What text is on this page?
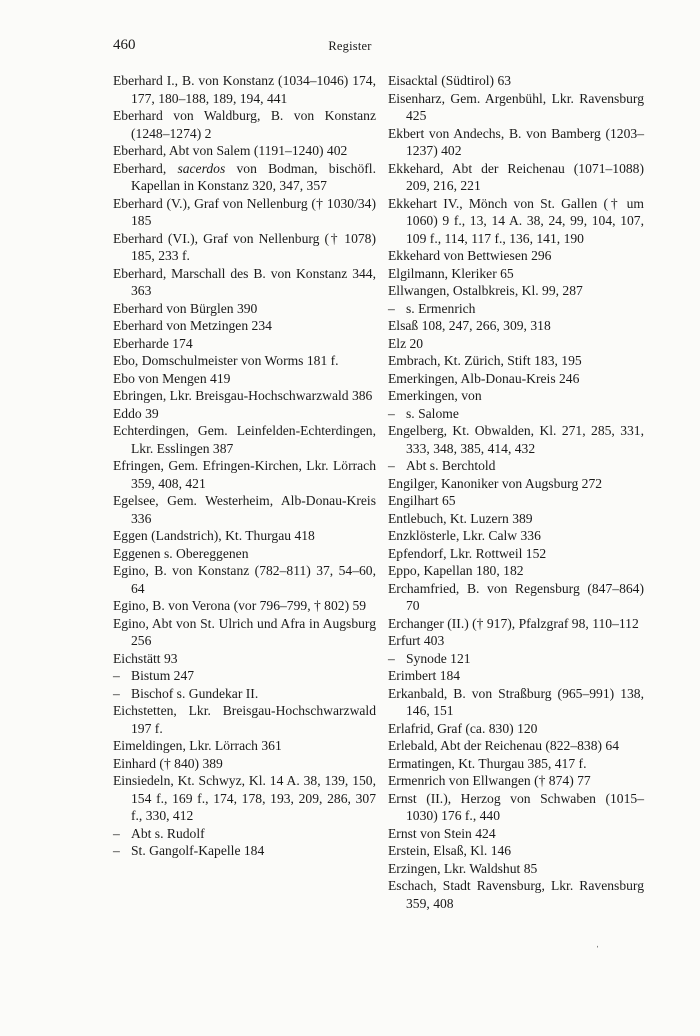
460	Register
Eberhard I., B. von Konstanz (1034–1046) 174, 177, 180–188, 189, 194, 441
Eberhard von Waldburg, B. von Konstanz (1248–1274) 2
Eberhard, Abt von Salem (1191–1240) 402
Eberhard, sacerdos von Bodman, bischöfl. Kapellan in Konstanz 320, 347, 357
Eberhard (V.), Graf von Nellenburg († 1030/34) 185
Eberhard (VI.), Graf von Nellenburg († 1078) 185, 233 f.
Eberhard, Marschall des B. von Konstanz 344, 363
Eberhard von Bürglen 390
Eberhard von Metzingen 234
Eberharde 174
Ebo, Domschulmeister von Worms 181 f.
Ebo von Mengen 419
Ebringen, Lkr. Breisgau-Hochschwarzwald 386
Eddo 39
Echterdingen, Gem. Leinfelden-Echterdingen, Lkr. Esslingen 387
Efringen, Gem. Efringen-Kirchen, Lkr. Lörrach 359, 408, 421
Egelsee, Gem. Westerheim, Alb-Donau-Kreis 336
Eggen (Landstrich), Kt. Thurgau 418
Eggenen s. Obereggenen
Egino, B. von Konstanz (782–811) 37, 54–60, 64
Egino, B. von Verona (vor 796–799, † 802) 59
Egino, Abt von St. Ulrich und Afra in Augsburg 256
Eichstätt 93
– Bistum 247
– Bischof s. Gundekar II.
Eichstetten, Lkr. Breisgau-Hochschwarzwald 197 f.
Eimeldingen, Lkr. Lörrach 361
Einhard († 840) 389
Einsiedeln, Kt. Schwyz, Kl. 14 A. 38, 139, 150, 154 f., 169 f., 174, 178, 193, 209, 286, 307 f., 330, 412
– Abt s. Rudolf
– St. Gangolf-Kapelle 184
Eisacktal (Südtirol) 63
Eisenharz, Gem. Argenbühl, Lkr. Ravensburg 425
Ekbert von Andechs, B. von Bamberg (1203–1237) 402
Ekkehard, Abt der Reichenau (1071–1088) 209, 216, 221
Ekkehart IV., Mönch von St. Gallen († um 1060) 9 f., 13, 14 A. 38, 24, 99, 104, 107, 109 f., 114, 117 f., 136, 141, 190
Ekkehard von Bettwiesen 296
Elgilmann, Kleriker 65
Ellwangen, Ostalbkreis, Kl. 99, 287
– s. Ermenrich
Elsaß 108, 247, 266, 309, 318
Elz 20
Embrach, Kt. Zürich, Stift 183, 195
Emerkingen, Alb-Donau-Kreis 246
Emerkingen, von
– s. Salome
Engelberg, Kt. Obwalden, Kl. 271, 285, 331, 333, 348, 385, 414, 432
– Abt s. Berchtold
Engilger, Kanoniker von Augsburg 272
Engilhart 65
Entlebuch, Kt. Luzern 389
Enzklösterle, Lkr. Calw 336
Epfendorf, Lkr. Rottweil 152
Eppo, Kapellan 180, 182
Erchamfried, B. von Regensburg (847–864) 70
Erchanger (II.) († 917), Pfalzgraf 98, 110–112
Erfurt 403
– Synode 121
Erimbert 184
Erkanbald, B. von Straßburg (965–991) 138, 146, 151
Erlafrid, Graf (ca. 830) 120
Erlebald, Abt der Reichenau (822–838) 64
Ermatingen, Kt. Thurgau 385, 417 f.
Ermenrich von Ellwangen († 874) 77
Ernst (II.), Herzog von Schwaben (1015–1030) 176 f., 440
Ernst von Stein 424
Erstein, Elsaß, Kl. 146
Erzingen, Lkr. Waldshut 85
Eschach, Stadt Ravensburg, Lkr. Ravensburg 359, 408
ˌ
